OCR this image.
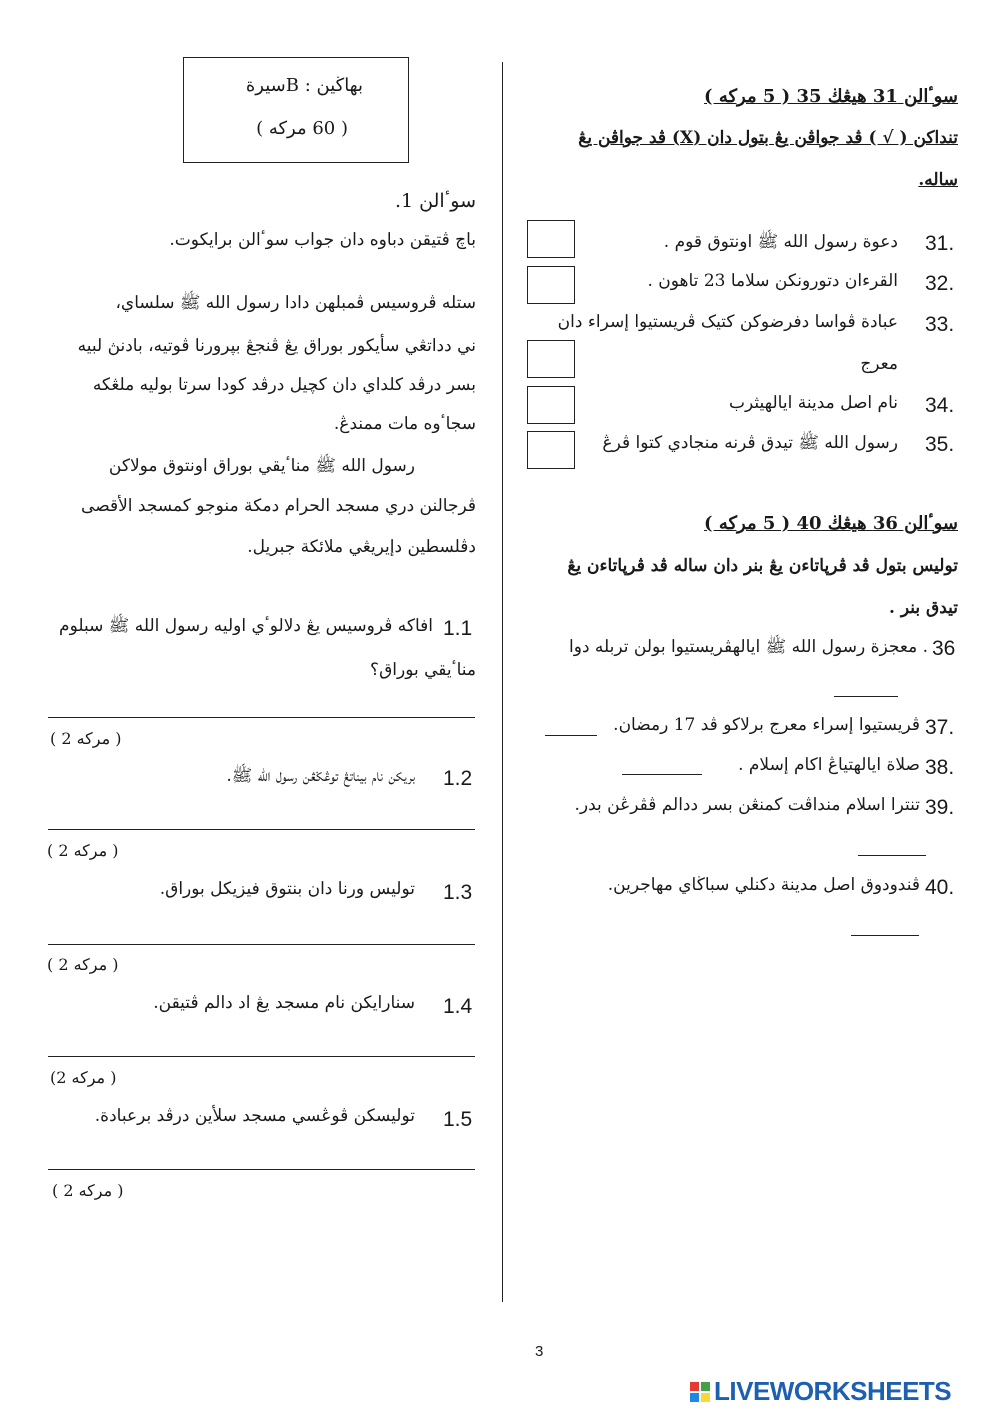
بهاڬين : Bسيرة
( 60 مركه )
سوٴالن 1.
باچ ڤتيقن دباوه دان جواب سوٴالن برايکوت.
ستله ڤروسيس ڤمبلهن دادا رسول الله ﷺ سلساي،
ني دداتڠي سأيکور بوراق يڠ ڤنجڠ بپرورنا ڤوتيه، بادنڽ لبيه
بسر درڤد کلداي دان کچيل درڤد کودا سرتا بوليه ملڠکه
سجاٴوه مات ممندڠ.
رسول الله ﷺ مناٴيقي بوراق اونتوق مولاکن
ڤرجالنن دري مسجد الحرام دمکة منوجو کمسجد الأقصى
دڤلسطين دإيريڠي ملائکة جبريل.
1.1
افاکه ڤروسيس يڠ دلالوٴي اوليه رسول الله ﷺ سبلوم
مناٴيقي بوراق؟
( 2 مركه )
1.2
بريکن نام بيناتڠ توڠڬڠن رسول الله ﷺ.
( 2 مركه )
1.3
توليس ورنا دان بنتوق فيزيکل بوراق.
( 2 مركه )
1.4
سنارايکن نام مسجد يڠ اد دالم ڤتيقن.
(2 مركه )
1.5
توليسکن ڤوڠسي مسجد سلأين درڤد برعبادة.
( 2 مركه )
سوٴالن 31 هيڠڬ 35 ( 5 مركه )
تنداکن ( √ ) ڤد جواڤن يڠ بتول دان (X) ڤد جواڤن يڠ
ساله.
31.
دعوة رسول الله ﷺ اونتوق قوم .
32.
القرءان دتورونکن سلاما 23 تاهون .
33.
عبادة ڤواسا دفرضوکن کتيک ڤريستيوا إسراء دان
معرج
34.
نام اصل مدينة ايالهيثرب
35.
رسول الله ﷺ تيدق ڤرنه منجادي کتوا ڤرڠ
سوٴالن 36 هيڠڬ 40 ( 5 مركه )
توليس بتول ڤد ڤرپاتاءن يڠ بنر دان ساله ڤد ڤرپاتاءن يڠ
تيدق بنر .
36
. معجزة رسول الله ﷺ ايالهڤريستيوا بولن تربله دوا
37.
ڤريستيوا إسراء معرج برلاکو ڤد 17 رمضان.
38.
صلاة ايالهتياڠ اکام إسلام .
39.
تنترا اسلام منداڤت کمنڠن بسر ددالم ڤڤرڠن بدر.
40.
ڤندودوق اصل مدينة دکنلي سباڬاي مهاجرين.
3
LIVEWORKSHEETS
